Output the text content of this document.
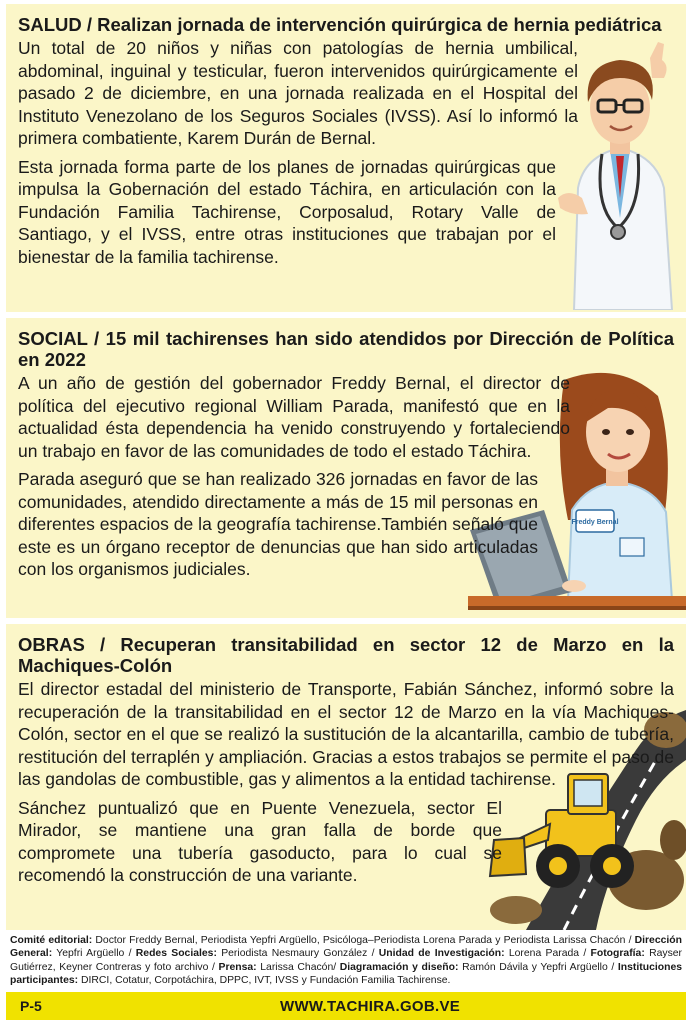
SALUD / Realizan jornada de intervención quirúrgica de hernia pediátrica

Un total de 20 niños y niñas con patologías de hernia umbilical, abdominal, inguinal y testicular, fueron intervenidos quirúrgicamente el pasado 2 de diciembre, en una jornada realizada en el Hospital del Instituto Venezolano de los Seguros Sociales (IVSS). Así lo informó la primera combatiente, Karem Durán de Bernal.

Esta jornada forma parte de los planes de jornadas quirúrgicas que impulsa la Gobernación del estado Táchira, en articulación con la Fundación Familia Tachirense, Corposalud, Rotary Valle de Santiago, y el IVSS, entre otras instituciones que trabajan por el bienestar de la familia tachirense.

Freddy Bernal
SOCIAL / 15 mil tachirenses han sido atendidos por Dirección de Política en 2022

A un año de gestión del gobernador Freddy Bernal, el director de política del ejecutivo regional William Parada, manifestó que en la actualidad ésta dependencia ha venido construyendo y fortaleciendo un trabajo en favor de las comunidades de todo el estado Táchira.

Parada aseguró que se han realizado 326 jornadas en favor de las comunidades, atendido directamente a más de 15 mil personas en diferentes espacios de la geografía tachirense.También señaló que este es un órgano receptor de denuncias que han sido articuladas con los organismos judiciales.

OBRAS / Recuperan transitabilidad en sector 12 de Marzo en la Machiques-Colón

El director estadal del ministerio de Transporte, Fabián Sánchez, informó sobre la recuperación de la transitabilidad en el sector 12 de Marzo en la vía Machiques-Colón, sector en el que se realizó la sustitución de la alcantarilla, cambio de tubería, restitución del terraplén y ampliación. Gracias a estos trabajos se permite el paso de las gandolas de combustible, gas y alimentos a la entidad tachirense.

Sánchez puntualizó que en Puente Venezuela, sector El Mirador, se mantiene una gran falla de borde que compromete una tubería gasoducto, para lo cual se recomendó la construcción de una variante.

Comité editorial: Doctor Freddy Bernal, Periodista Yepfri Argüello, Psicóloga–Periodista Lorena Parada y Periodista Larissa Chacón / Dirección General: Yepfri Argüello / Redes Sociales: Periodista Nesmaury González / Unidad de Investigación: Lorena Parada / Fotografía: Rayser Gutiérrez, Keyner Contreras y foto archivo / Prensa: Larissa Chacón/ Diagramación y diseño: Ramón Dávila y Yepfri Argüello / Instituciones participantes: DIRCI, Cotatur, Corpotáchira, DPPC, IVT, IVSS y Fundación Familia Tachirense.
P-5	WWW.TACHIRA.GOB.VE
